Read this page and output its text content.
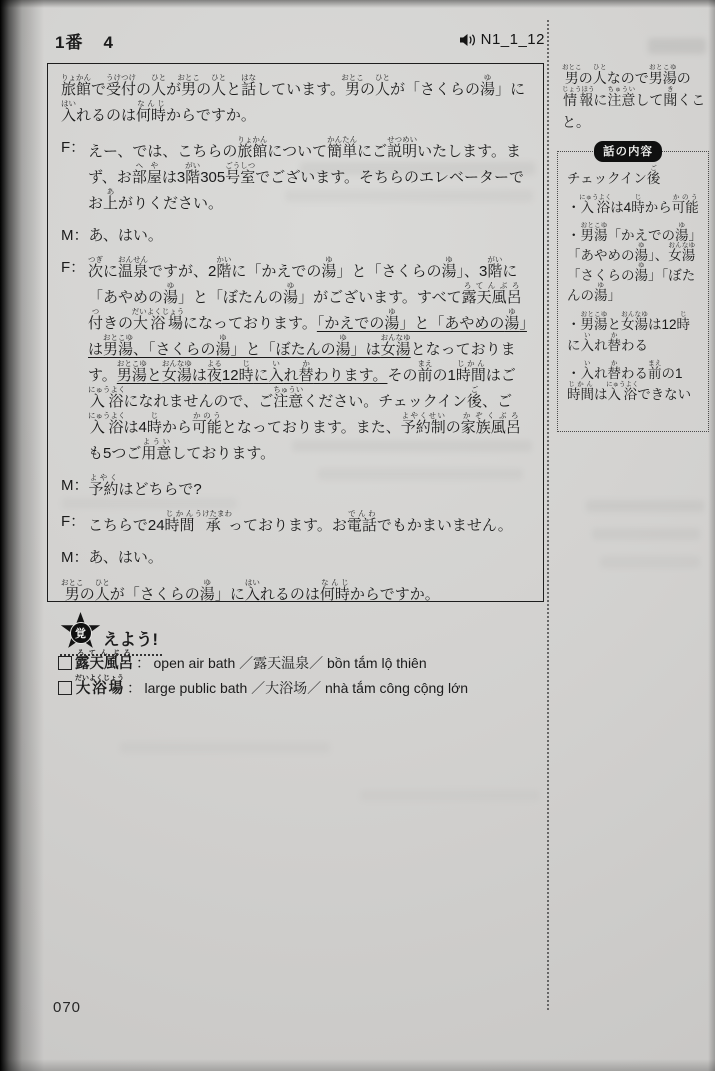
1番 4	N1_1_12

旅館りょかんで受付うけつけの人ひとが男おとこの人ひとと話はなしています。男おとこの人ひとが「さくらの湯ゆ」に入はいれるのは何時なんじからですか。

F： えー、では、こちらの旅館りょかんについて簡単かんたんにご説明せつめいいたします。まず、お部屋へやは3階がい305号室ごうしつでございます。そちらのエレベーターでお上あがりください。
M： あ、はい。
F： 次つぎに温泉おんせんですが、2階かいに「かえでの湯ゆ」と「さくらの湯ゆ」、3階がいに「あやめの湯ゆ」と「ぼたんの湯ゆ」がございます。すべて露天風呂付ろてんぶろつきの大浴場だいよくじょうになっております。「かえでの湯ゆ」と「あやめの湯ゆ」は男湯おとこゆ、「さくらの湯ゆ」と「ぼたんの湯ゆ」は女湯おんなゆとなっております。男湯おとこゆと女湯おんなゆは夜よる12時じに入いれ替かわります。その前まえの1時間じかんはご入浴にゅうよくになれませんので、ご注意ちゅういください。チェックイン後ご、ご入浴にゅうよくは4時じから可能かのうとなっております。また、予約制よやくせいの家族風呂かぞくぶろも5つご用意よういしております。
M： 予約よやくはどちらで?
F： こちらで24時間じかん承うけたまわっております。お電話でんわでもかまいません。
M： あ、はい。

男おとこの人ひとが「さくらの湯ゆ」に入はいれるのは何時なんじからですか。

覚	えよう!
露天風呂ろてんぶろ
： open air bath ／露天温泉／ bồn tắm lộ thiên
大浴場だいよくじょう
： large public bath ／大浴场／ nhà tắm công cộng lớn
男おとこの人ひとなので男湯おとこゆの情報じょうほうに注意ちゅういして聞きくこと。
話の内容

チェックイン後ご

・入浴にゅうよくは4時じから可能かのう
・男湯おとこゆ「かえでの湯ゆ」「あやめの湯ゆ」、女湯おんなゆ「さくらの湯ゆ」「ぼたんの湯ゆ」
・男湯おとこゆと女湯おんなゆは12時じに入いれ替かわる
・入いれ替かわる前まえの1時間じかんは入浴にゅうよくできない
070
